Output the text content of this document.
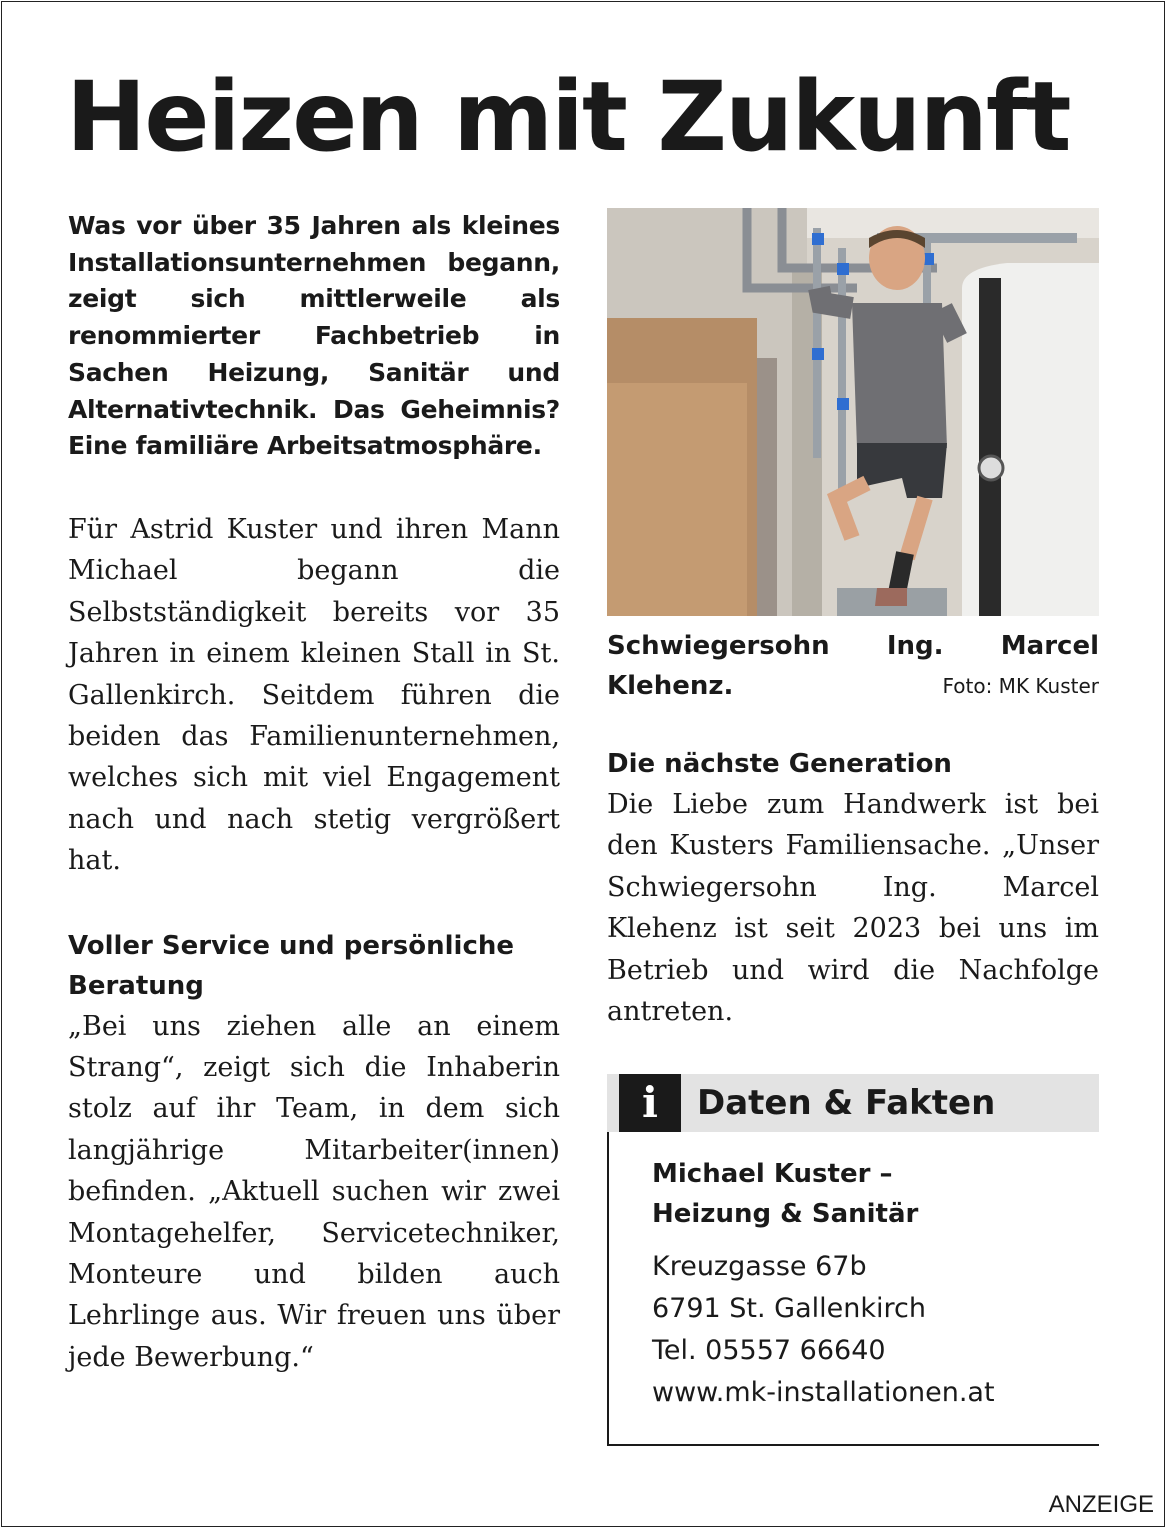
Heizen mit Zukunft

Was vor über 35 Jahren als kleines Installationsunternehmen begann, zeigt sich mittlerweile als renommierter Fachbetrieb in Sachen Heizung, Sanitär und Alternativtechnik. Das Geheimnis? Eine familiäre Arbeitsatmosphäre.

Für Astrid Kuster und ihren Mann Michael begann die Selbstständigkeit bereits vor 35 Jahren in einem kleinen Stall in St. Gallenkirch. Seitdem führen die beiden das Familienunternehmen, welches sich mit viel Engagement nach und nach stetig vergrößert hat.

Voller Service und persönliche Beratung

„Bei uns ziehen alle an einem Strang“, zeigt sich die Inhaberin stolz auf ihr Team, in dem sich langjährige Mitarbeiter(innen) befinden. „Aktuell suchen wir zwei Montagehelfer, Servicetechniker, Monteure und bilden auch Lehrlinge aus. Wir freuen uns über jede Bewerbung.“

Schwiegersohn Ing. Marcel Klehenz.	Foto: MK Kuster
Die nächste Generation

Die Liebe zum Handwerk ist bei den Kusters Familiensache. „Unser Schwiegersohn Ing. Marcel Klehenz ist seit 2023 bei uns im Betrieb und wird die Nachfolge antreten.

i	Daten & Fakten

Michael Kuster –
Heizung & Sanitär

Kreuzgasse 67b
6791 St. Gallenkirch
Tel. 05557 66640
www.mk-installationen.at
ANZEIGE
